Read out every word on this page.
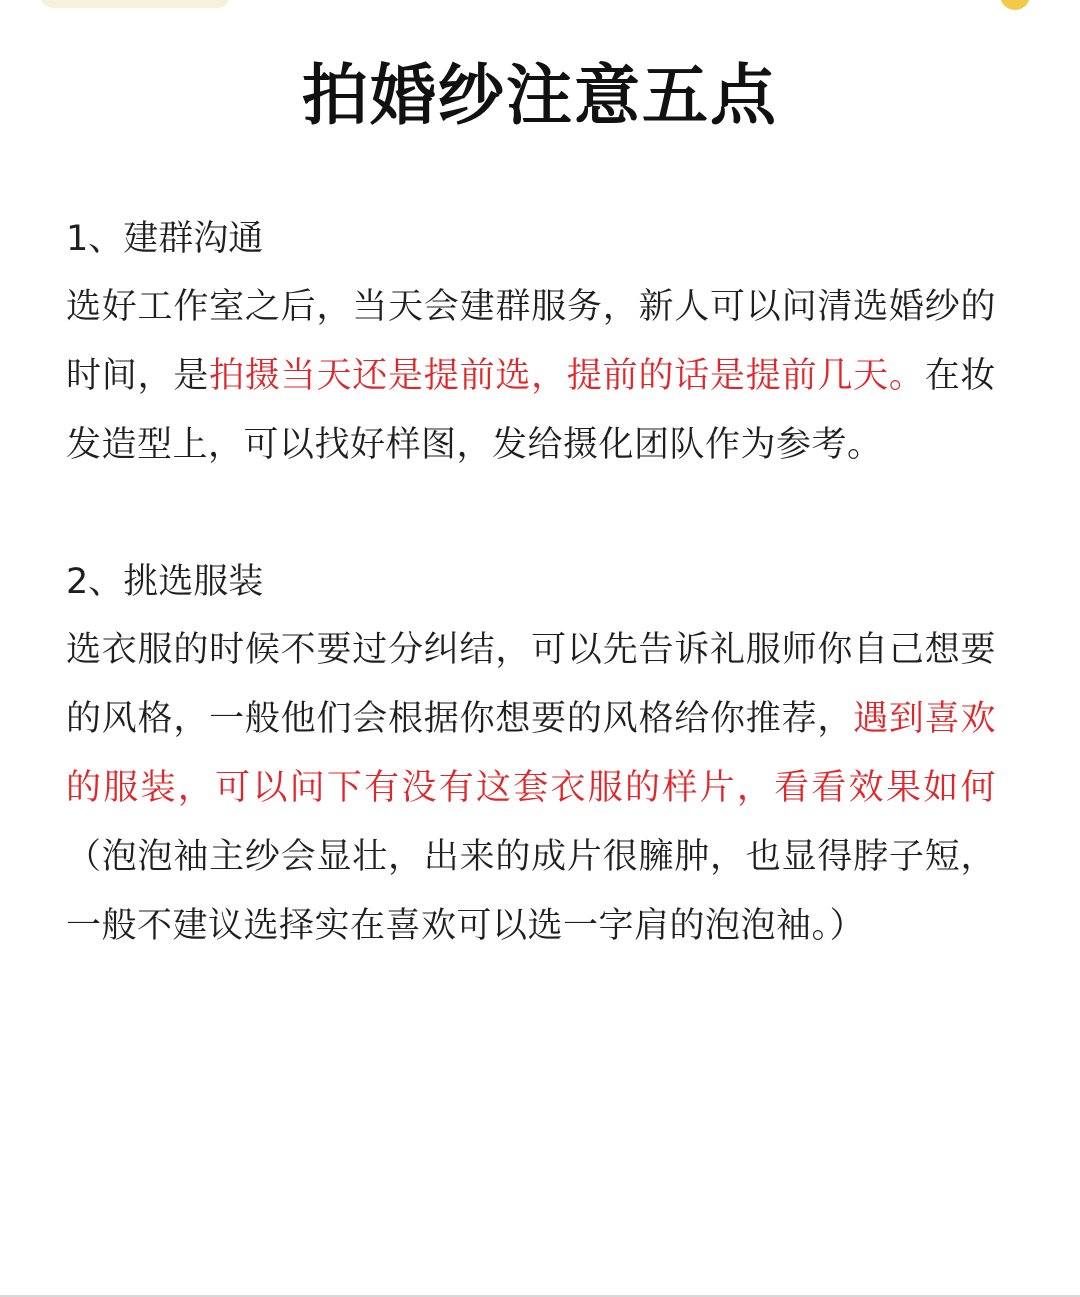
拍婚纱注意五点
1、建群沟通

选好工作室之后，当天会建群服务，新人可以问清选婚纱的时间，是拍摄当天还是提前选，提前的话是提前几天。在妆发造型上，可以找好样图，发给摄化团队作为参考。

2、挑选服装

选衣服的时候不要过分纠结，可以先告诉礼服师你自己想要的风格，一般他们会根据你想要的风格给你推荐，遇到喜欢的服装，可以问下有没有这套衣服的样片，看看效果如何（泡泡袖主纱会显壮，出来的成片很臃肿，也显得脖子短，一般不建议选择实在喜欢可以选一字肩的泡泡袖。）
